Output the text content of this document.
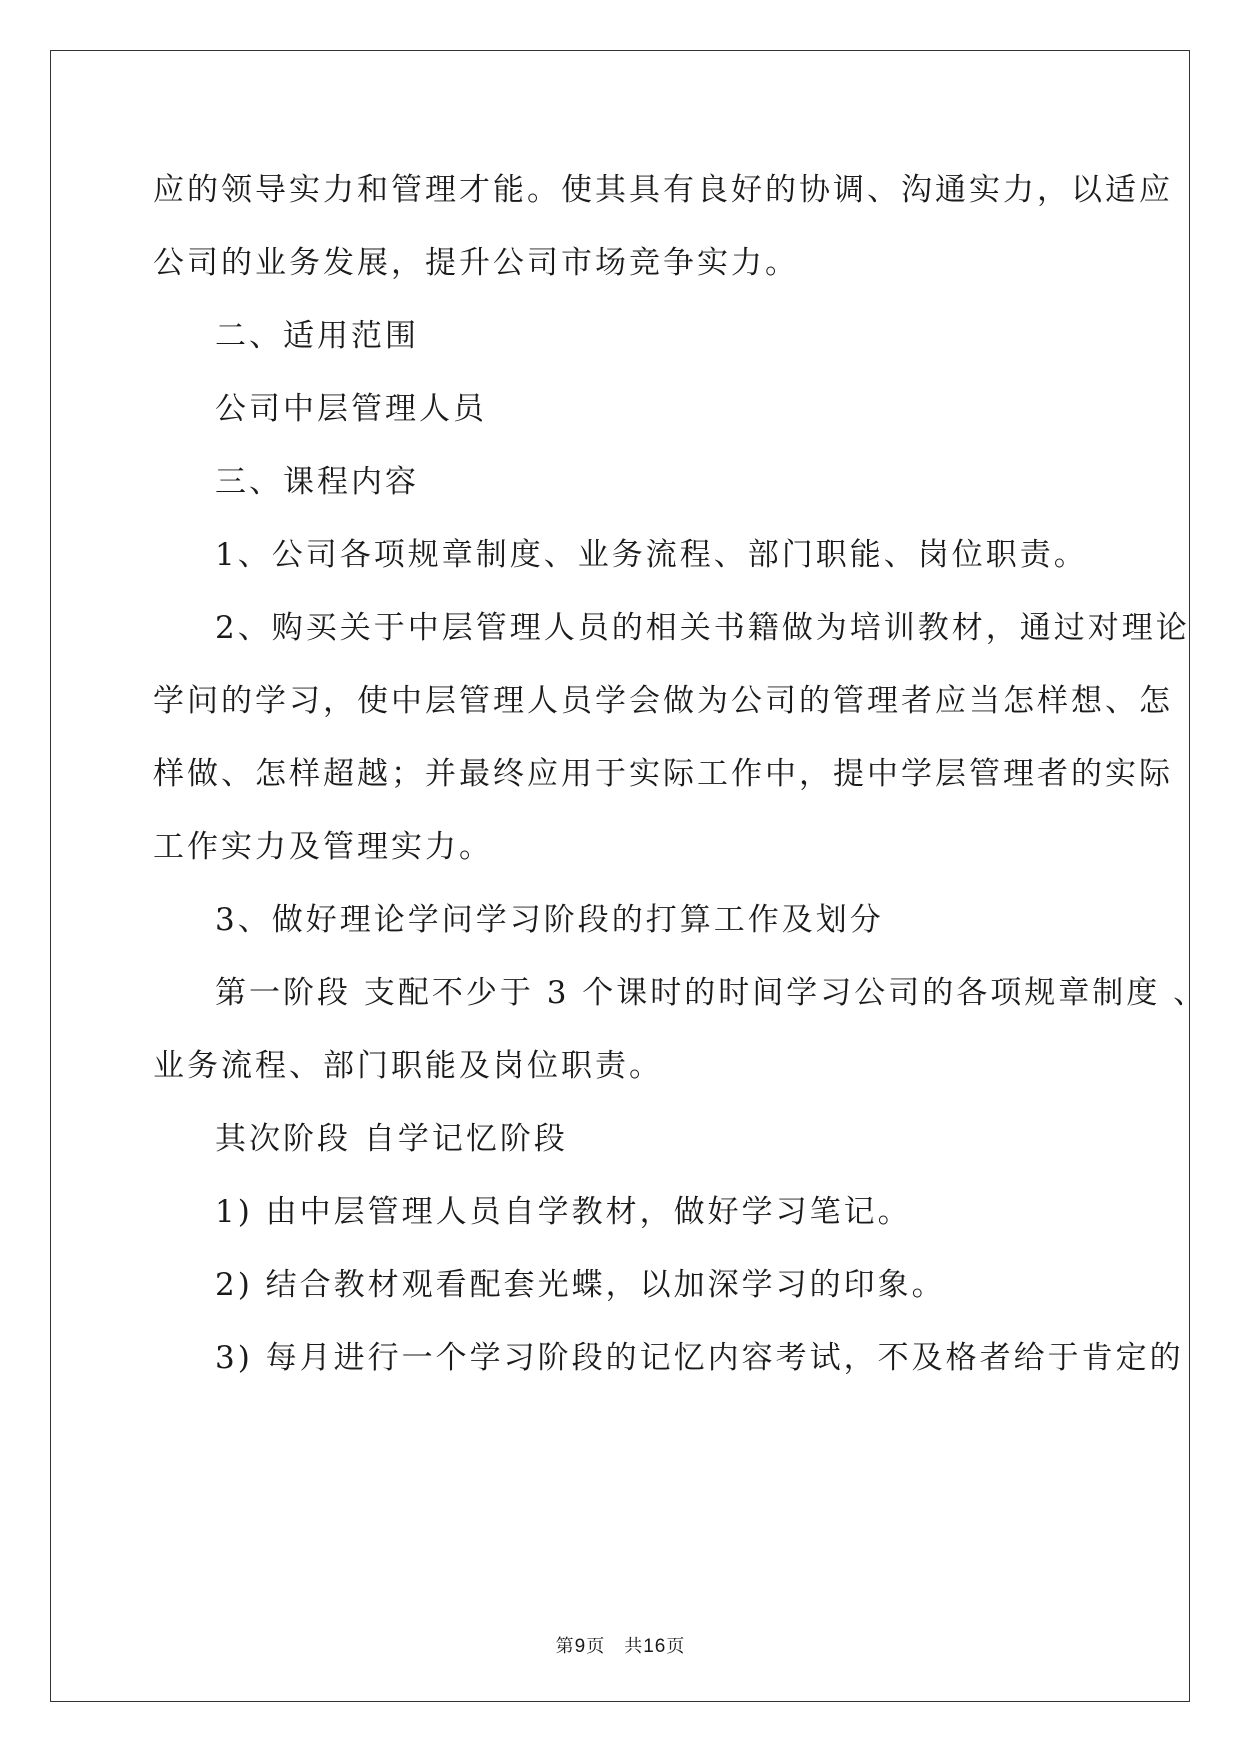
应的领导实力和管理才能。使其具有良好的协调、沟通实力，以适应
公司的业务发展，提升公司市场竞争实力。
二、适用范围
公司中层管理人员
三、课程内容
1、公司各项规章制度、业务流程、部门职能、岗位职责。
2、购买关于中层管理人员的相关书籍做为培训教材，通过对理论
学问的学习，使中层管理人员学会做为公司的管理者应当怎样想、怎
样做、怎样超越；并最终应用于实际工作中，提中学层管理者的实际
工作实力及管理实力。
3、做好理论学问学习阶段的打算工作及划分
第一阶段 支配不少于 3 个课时的时间学习公司的各项规章制度 、
业务流程、部门职能及岗位职责。
其次阶段 自学记忆阶段
1) 由中层管理人员自学教材，做好学习笔记。
2) 结合教材观看配套光蝶，以加深学习的印象。
3) 每月进行一个学习阶段的记忆内容考试，不及格者给于肯定的
第9页　共16页
